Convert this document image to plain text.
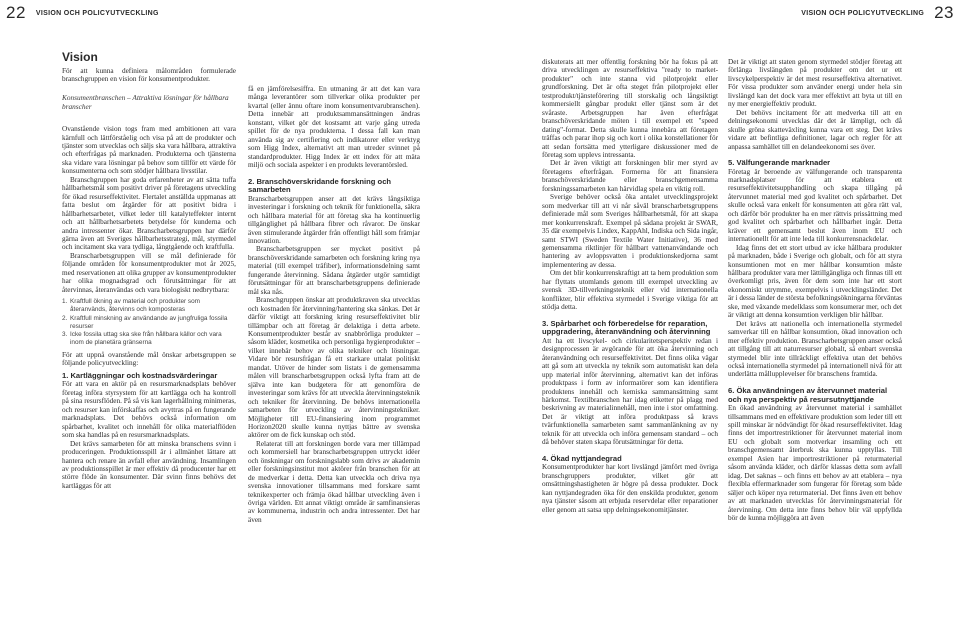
22 VISION OCH POLICYUTVECKLING	VISION OCH POLICYUTVECKLING 23
Vision

För att kunna definiera målområden formulerade branschgruppen en vision för konsumentprodukter.

Konsumentbranschen – Attraktiva lösningar för hållbara branscher

Ovanstående vision togs fram med ambitionen att vara kärnfull och lättförståelig och visa på att de produkter och tjänster som utvecklas och säljs ska vara hållbara, attraktiva och efterfrågas på marknaden. Produkterna och tjänsterna ska vidare vara lösningar på behov som tillför ett värde för konsumenterna och som stödjer hållbara livsstilar.

Branschgruppen har goda erfarenheter av att sätta tuffa hållbarhetsmål som positivt driver på företagens utveckling för ökad resurseffektivitet. Flertalet anställda uppmanas att fatta beslut om åtgärder för att positivt bidra i hållbarhetsarbetet, vilket leder till katalyteffekter internt och att hållbarhetsarbetets betydelse för kunderna och andra intressenter ökar. Branscharbetsgruppen har därför gärna även att Sveriges hållbarhetsstrategi, mål, styrmedel och incitament ska vara tydliga, långtgående och kraftfulla.

Branscharbetsgruppen vill se mål definierade för följande områden för konsumentprodukter mot år 2025, med reservationen att olika grupper av konsumentprodukter har olika mognadsgrad och förutsättningar för att återvinnas, återanvändas och vara biologiskt nedbrytbara:

1. Kraftfull ökning av material och produkter som återanvänds, återvinns och komposteras
2. Kraftfull minskning av användande av jungfruliga fossila resurser
3. Icke fossila uttag ska ske från hållbara källor och vara inom de planetära gränserna

För att uppnå ovanstående mål önskar arbetsgruppen se följande policyutveckling:

1. Kartläggningar och kostnadsvärderingar

För att vara en aktör på en resursmarknadsplats behöver företag införa styrsystem för att kartlägga och ha kontroll på sina resursflöden. På så vis kan lagerhållning minimeras, och resurser kan införskaffas och avyttras på en fungerande marknadsplats. Det behövs också information om spårbarhet, kvalitet och innehåll för olika materialflöden som ska handlas på en resursmarknadsplats.

Det krävs samarbeten för att minska branschens svinn i produceringen. Produktionsspill är i allmänhet lättare att hantera och renare än avfall efter användning. Insamlingen av produktionsspillet är mer effektiv då producenter har ett större flöde än konsumenter. Där svinn finns behövs det kartläggas för att

få en jämförelsesiffra. En utmaning är att det kan vara många leverantörer som tillverkar olika produkter per kvartal (eller ännu oftare inom konsumentvarubranschen). Detta innebär att produktsammansättningen ändras konstant, vilket gör det kostsamt att varje gång utreda spillet för de nya produkterna. I dessa fall kan man använda sig av certifiering och indikatorer eller verktyg som Higg Index, alternativt att man utreder svinnet på standardprodukter. Higg Index är ett index för att mäta miljö och sociala aspekter i en produkts leverantörsled.

2. Branschöverskridande forskning och samarbeten

Branscharbetsgruppen anser att det krävs långsiktiga investeringar i forskning och teknik för funktionella, säkra och hållbara material för att företag ska ha kontinuerlig tillgänglighet på hållbara fibrer och råvaror. De önskar även stimulerande åtgärder från offentligt håll som främjar innovation.

Branscharbetsgruppen ser mycket positivt på branschöverskridande samarbeten och forskning kring nya material (till exempel träfiber), informationsdelning samt fungerande återvinning. Sådana åtgärder utgör samtidigt förutsättningar för att branscharbetsgruppens definierade mål ska nås.

Branschgruppen önskar att produktkraven ska utvecklas och kostnaden för återvinning/hantering ska sänkas. Det är därför viktigt att forskning kring resurseffektivitet blir tillämpbar och att företag är delaktiga i detta arbete. Konsumentprodukter består av snabbrörliga produkter – såsom kläder, kosmetika och personliga hygienprodukter – vilket innebär behov av olika tekniker och lösningar. Vidare bör resursfrågan få ett starkare uttalat politiskt mandat. Utöver de hinder som listats i de gemensamma målen vill branscharbetsgruppen också lyfta fram att de själva inte kan budgetera för att genomföra de investeringar som krävs för att utveckla återvinningsteknik och tekniker för återvinning. De behövs internationella samarbeten för utveckling av återvinningstekniker. Möjligheter till EU-finansiering inom programmet Horizon2020 skulle kunna nyttjas bättre av svenska aktörer om de fick kunskap och stöd.

Relaterat till att forskningen borde vara mer tillämpad och kommersiell har branscharbetsgruppen uttryckt idéer och önskningar om forskningslabb som drivs av akademin eller forskningsinstitut mot aktörer från branschen för att de medverkar i detta. Detta kan utveckla och driva nya svenska innovationer tillsammans med forskare samt teknikexperter och främja ökad hållbar utveckling även i övriga världen. Ett annat viktigt område är samfinansieras av kommunerna, industrin och andra intressenter. Det har även

diskuterats att mer offentlig forskning bör ha fokus på att driva utvecklingen av resurseffektiva "ready to market-produkter" och inte stanna vid pilotprojekt eller grundforskning. Det är ofta steget från pilotprojekt eller testprodukt/tjänsteförering till storskalig och långsiktigt kommersiellt gångbar produkt eller tjänst som är det svåraste. Arbetsgruppen har även efterfrågat branschöverskridande möten i till exempel ett "speed dating"-format. Detta skulle kunna innebära att företagen träffas och parar ihop sig och kort i olika konstellationer för att sedan fortsätta med ytterligare diskussioner med de företag som upplevs intressanta.

Det är även viktigt att forskningen blir mer styrd av företagens efterfrågan. Formerna för att finansiera branschöverskridande eller branschgemensamma forskningssamarbeten kan härvidlag spela en viktig roll.

Sverige behöver också öka antalet utvecklingsprojekt som medverkar till att vi når såväl branscharbetsgruppens definierade mål som Sveriges hållbarhetsmål, för att skapa mer konkurrenskraft. Exempel på sådana projekt är SWAR, 35 där exempelvis Lindex, KappAhl, Indiska och Sida ingår, samt STWI (Sweden Textile Water Initiative), 36 med gemensamma riktlinjer för hållbart vattenanvändande och hantering av avloppsvatten i produktionskedjorna samt implementering av dessa.

Om det blir konkurrenskraftigt att ta hem produktion som har flyttats utomlands genom till exempel utveckling av svensk 3D-tillverkningsteknik eller vid internationella konflikter, blir effektiva styrmedel i Sverige viktiga för att stödja detta.

3. Spårbarhet och förberedelse för reparation, uppgradering, återanvändning och återvinning

Att ha ett livscykel- och cirkularitetsperspektiv redan i designprocessen är avgörande för att öka återvinning och återanvändning och resurseffektivitet. Det finns olika vägar att gå som att utveckla ny teknik som automatiskt kan dela upp material inför återvinning, alternativt kan det införas produktpass i form av informatörer som kan identifiera produktens innehåll och kemiska sammansättning samt härkomst. Textilbranschen har idag etiketter på plagg med beskrivning av materialinnehåll, men inte i stor omfattning. Det är viktigt att införa produktpass så kravs tvärfunktionella samarbeten samt sammanlänkning av ny teknik för att utveckla och införa gemensam standard – och då behöver staten skapa förutsättningar för detta.

4. Ökad nyttjandegrad

Konsumentprodukter har kort livslängd jämfört med övriga branschgruppers produkter, vilket gör att omsättningshastigheten är högre på dessa produkter. Dock kan nyttjandegraden öka för den enskilda produkter, genom nya tjänster såsom att erbjuda reservdelar eller reparationer eller genom att satsa upp delningsekonomitjänster.

Det är viktigt att staten genom styrmedel stödjer företag att förlänga livslängden på produkter om det ur ett livscykelperspektiv är det mest resurseffektiva alternativet. För vissa produkter som använder energi under hela sin livslängd kan det dock vara mer effektivt att byta ut till en ny mer energieffektiv produkt.

Det behövs incitament för att medverka till att en delningsekonomi utvecklas där det är lämpligt, och då skulle gröna skatteväxling kunna vara ett steg. Det krävs vidare att befintliga definitioner, lagar och regler för att anpassa samhället till en delandeekonomi ses över.

5. Välfungerande marknader

Företag är beroende av välfungerande och transparenta marknadsplatser för att etablera ett resurseffektivitetsupphandling och skapa tillgång på återvunnet material med god kvalitet och spårbarhet. Det skulle också vara enkelt för konsumenten att göra rätt val, och därför bör produkter ha en mer rättvis prissättning med god kvalitet och spårbarhet och hållbarhet ingår. Detta kräver ett gemensamt beslut även inom EU och internationellt för att inte leda till konkurrensnackdelar.

Idag finns det ett stort utbud av icke hållbara produkter på marknaden, både i Sverige och globalt, och för att styra konsumtionen mot en mer hållbar konsumtion måste hållbara produkter vara mer lättillgängliga och finnas till ett överkomligt pris, även för dem som inte har ett stort ekonomiskt utrymme, exempelvis i utvecklingsländer. Det är i dessa länder de största befolkningsökningarna förväntas ske, med växande medelklass som konsumerar mer, och det är viktigt att denna konsumtion verkligen blir hållbar.

Det krävs att nationella och internationella styrmedel samverkar till en hållbar konsumtion, ökad innovation och mer effektiv produktion. Branscharbetsgruppen anser också att tillgång till att naturresurser globalt, så enbart svenska styrmedel blir inte tillräckligt effektiva utan det behövs också internationella styrmedel på internationell nivå för att underlätta mållupplevelser för branschens framtida.

6. Öka användningen av återvunnet material och nya perspektiv på resursutnyttjande

En ökad användning av återvunnet material i samhället tillsammans med en effektivare produktion som leder till ett spill minskar är nödvändigt för ökad resurseffektivitet. Idag finns det importrestriktioner för återvunnet material inom EU och globalt som motverkar insamling och ett branschgemensamt återbruk ska kunna upptyllas. Till exempel Asien har importrestriktioner på returmaterial såsom använda kläder, och därför klassas detta som avfall idag. Det saknas – och finns ett behov av att etablera – nya flexibla effermarknader som fungerar för företag som både säljer och köper nya returmaterial. Det finns även ett behov av att marknaden utvecklas för återvinningsmaterial för återvinning. Om detta inte finns behov blir väl uppfyllda bör de kunna möjliggöra att även
